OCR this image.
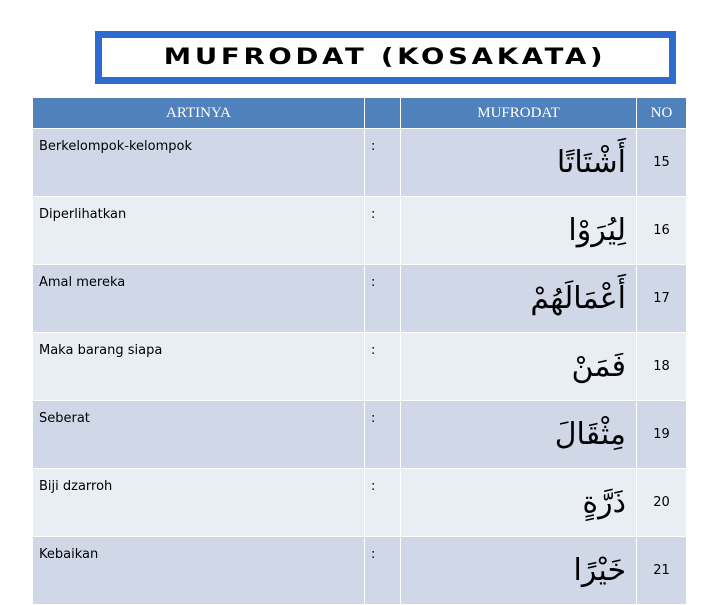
MUFRODAT (KOSAKATA)
ARTINYA		MUFRODAT	NO
Berkelompok-kelompok	:	أَشْتَاتًا	15
Diperlihatkan	:	لِيُرَوْا	16
Amal mereka	:	أَعْمَالَهُمْ	17
Maka barang siapa	:	فَمَنْ	18
Seberat	:	مِثْقَالَ	19
Biji dzarroh	:	ذَرَّةٍ	20
Kebaikan	:	خَيْرًا	21
